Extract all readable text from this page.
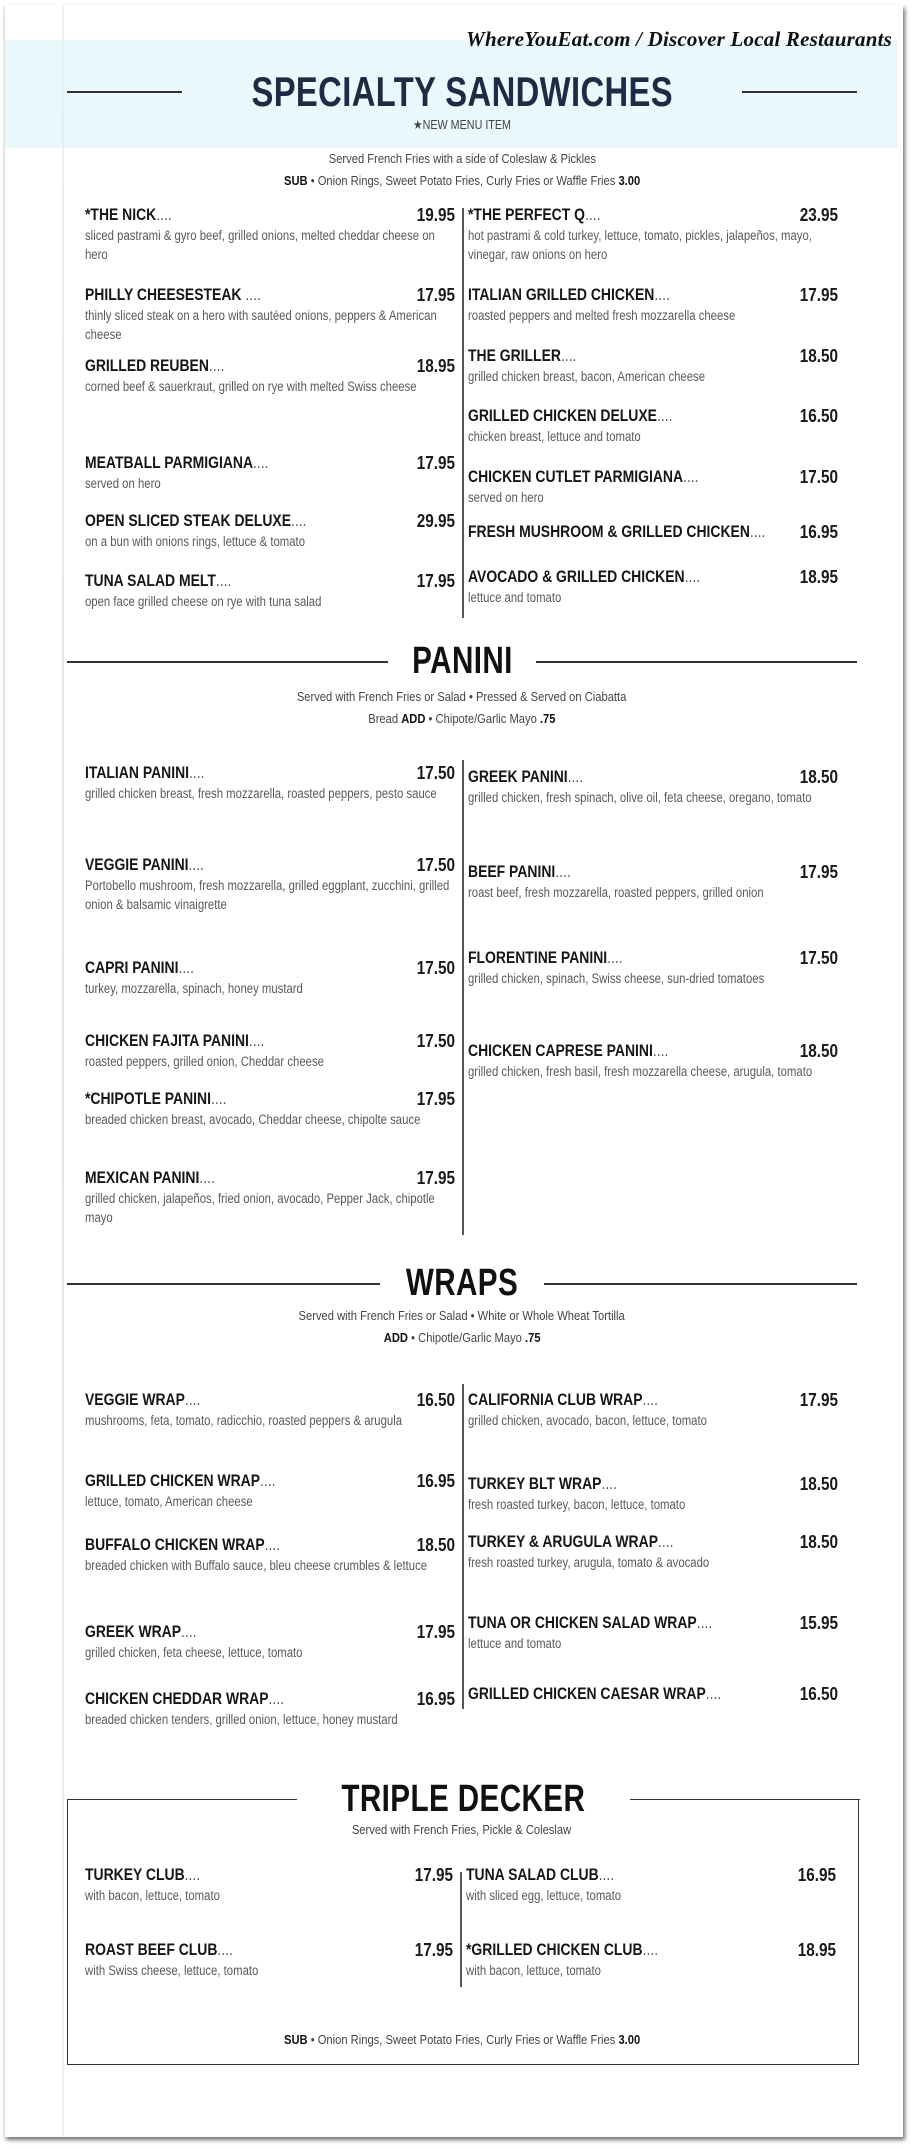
WhereYouEat.com / Discover Local Restaurants
SPECIALTY SANDWICHES
★NEW MENU ITEM
Served French Fries with a side of Coleslaw & Pickles
SUB • Onion Rings, Sweet Potato Fries, Curly Fries or Waffle Fries 3.00
*THE NICK....	19.95
sliced pastrami & gyro beef, grilled onions, melted cheddar cheese on hero
PHILLY CHEESESTEAK ....	17.95
thinly sliced steak on a hero with sautéed onions, peppers & American cheese
GRILLED REUBEN....	18.95
corned beef & sauerkraut, grilled on rye with melted Swiss cheese
MEATBALL PARMIGIANA....	17.95
served on hero
OPEN SLICED STEAK DELUXE....	29.95
on a bun with onions rings, lettuce & tomato
TUNA SALAD MELT....	17.95
open face grilled cheese on rye with tuna salad
*THE PERFECT Q....	23.95
hot pastrami & cold turkey, lettuce, tomato, pickles, jalapeños, mayo, vinegar, raw onions on hero
ITALIAN GRILLED CHICKEN....	17.95
roasted peppers and melted fresh mozzarella cheese
THE GRILLER....	18.50
grilled chicken breast, bacon, American cheese
GRILLED CHICKEN DELUXE....	16.50
chicken breast, lettuce and tomato
CHICKEN CUTLET PARMIGIANA....	17.50
served on hero
FRESH MUSHROOM & GRILLED CHICKEN.... 16.95
AVOCADO & GRILLED CHICKEN....	18.95
lettuce and tomato
PANINI
Served with French Fries or Salad • Pressed & Served on Ciabatta
Bread ADD • Chipote/Garlic Mayo .75
ITALIAN PANINI....	17.50
grilled chicken breast, fresh mozzarella, roasted peppers, pesto sauce
VEGGIE PANINI....	17.50
Portobello mushroom, fresh mozzarella, grilled eggplant, zucchini, grilled onion & balsamic vinaigrette
CAPRI PANINI....	17.50
turkey, mozzarella, spinach, honey mustard
CHICKEN FAJITA PANINI....	17.50
roasted peppers, grilled onion, Cheddar cheese
*CHIPOTLE PANINI....	17.95
breaded chicken breast, avocado, Cheddar cheese, chipolte sauce
MEXICAN PANINI....	17.95
grilled chicken, jalapeños, fried onion, avocado, Pepper Jack, chipotle mayo
GREEK PANINI....	18.50
grilled chicken, fresh spinach, olive oil, feta cheese, oregano, tomato
BEEF PANINI....	17.95
roast beef, fresh mozzarella, roasted peppers, grilled onion
FLORENTINE PANINI....	17.50
grilled chicken, spinach, Swiss cheese, sun-dried tomatoes
CHICKEN CAPRESE PANINI....	18.50
grilled chicken, fresh basil, fresh mozzarella cheese, arugula, tomato
WRAPS
Served with French Fries or Salad • White or Whole Wheat Tortilla
ADD • Chipotle/Garlic Mayo .75
VEGGIE WRAP....	16.50
mushrooms, feta, tomato, radicchio, roasted peppers & arugula
GRILLED CHICKEN WRAP....	16.95
lettuce, tomato, American cheese
BUFFALO CHICKEN WRAP....	18.50
breaded chicken with Buffalo sauce, bleu cheese crumbles & lettuce
GREEK WRAP....	17.95
grilled chicken, feta cheese, lettuce, tomato
CHICKEN CHEDDAR WRAP....	16.95
breaded chicken tenders, grilled onion, lettuce, honey mustard
CALIFORNIA CLUB WRAP....	17.95
grilled chicken, avocado, bacon, lettuce, tomato
TURKEY BLT WRAP....	18.50
fresh roasted turkey, bacon, lettuce, tomato
TURKEY & ARUGULA WRAP....	18.50
fresh roasted turkey, arugula, tomato & avocado
TUNA OR CHICKEN SALAD WRAP....	15.95
lettuce and tomato
GRILLED CHICKEN CAESAR WRAP....	16.50
TRIPLE DECKER
Served with French Fries, Pickle & Coleslaw
TURKEY CLUB....	17.95
with bacon, lettuce, tomato
ROAST BEEF CLUB....	17.95
with Swiss cheese, lettuce, tomato
TUNA SALAD CLUB....	16.95
with sliced egg, lettuce, tomato
*GRILLED CHICKEN CLUB....	18.95
with bacon, lettuce, tomato
SUB • Onion Rings, Sweet Potato Fries, Curly Fries or Waffle Fries 3.00
